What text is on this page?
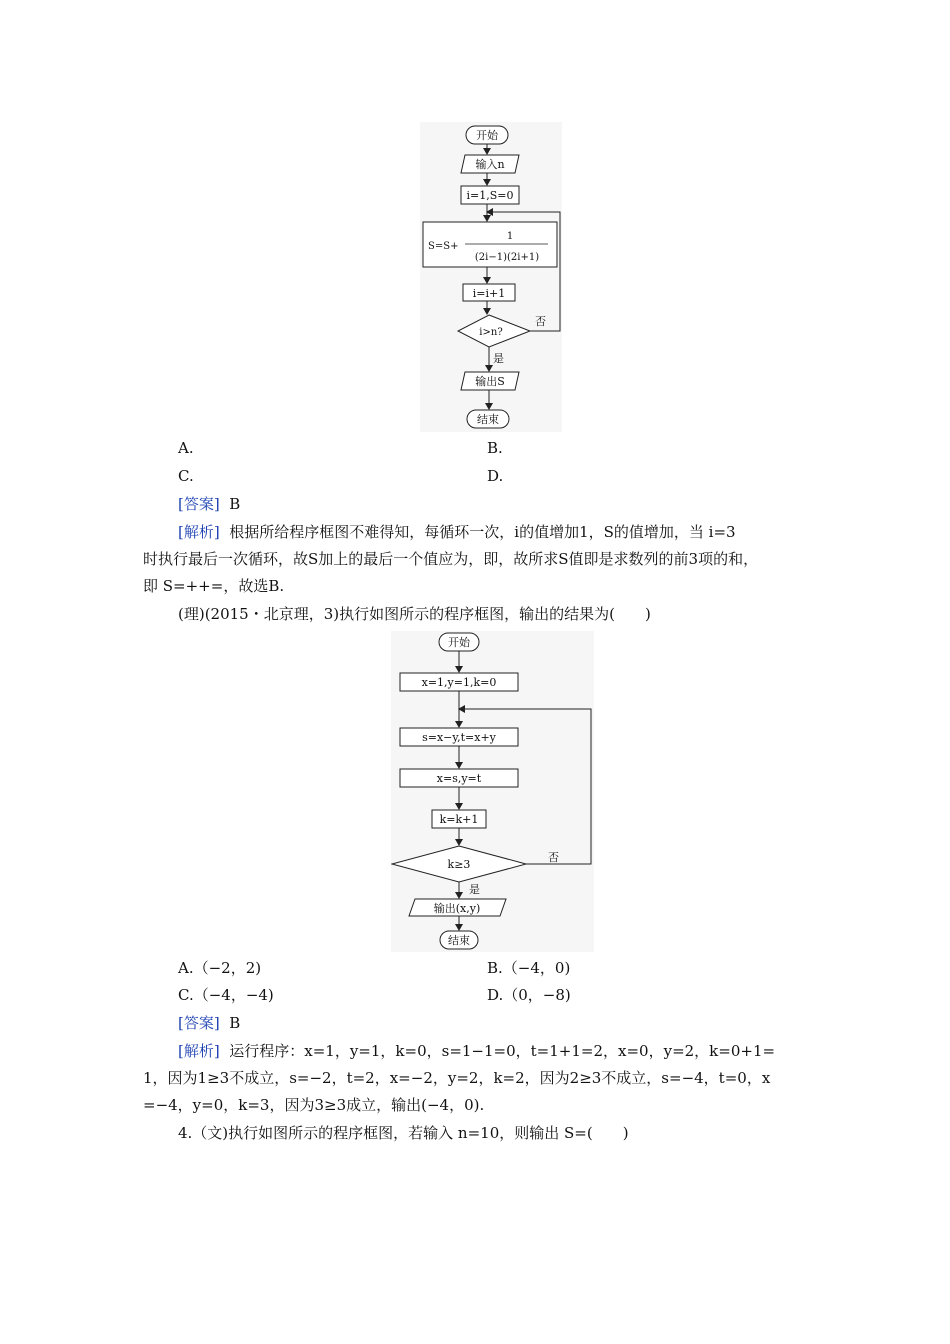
开始
输入n
i=1,S=0
S=S+
1
(2i−1)(2i+1)
i=i+1
i>n?
否
是
输出S
结束
A.	B.
C.	D.
[答案] B
[解析] 根据所给程序框图不难得知，每循环一次，i的值增加1，S的值增加，当 i=3
时执行最后一次循环，故S加上的最后一个值应为，即，故所求S值即是求数列的前3项的和，
即 S=++=，故选B.
(理)(2015・北京理，3)执行如图所示的程序框图，输出的结果为(　　)
开始
x=1,y=1,k=0
s=x−y,t=x+y
x=s,y=t
k=k+1
k≥3
否
是
输出(x,y)
结束
A.（−2，2)	B.（−4，0)
C.（−4，−4)	D.（0，−8)
[答案] B
[解析] 运行程序：x=1，y=1，k=0，s=1−1=0，t=1+1=2，x=0，y=2，k=0+1=
1，因为1≥3不成立，s=−2，t=2，x=−2，y=2，k=2，因为2≥3不成立，s=−4，t=0，x
=−4，y=0，k=3，因为3≥3成立，输出(−4，0).
4.（文)执行如图所示的程序框图，若输入 n=10，则输出 S=(　　)
